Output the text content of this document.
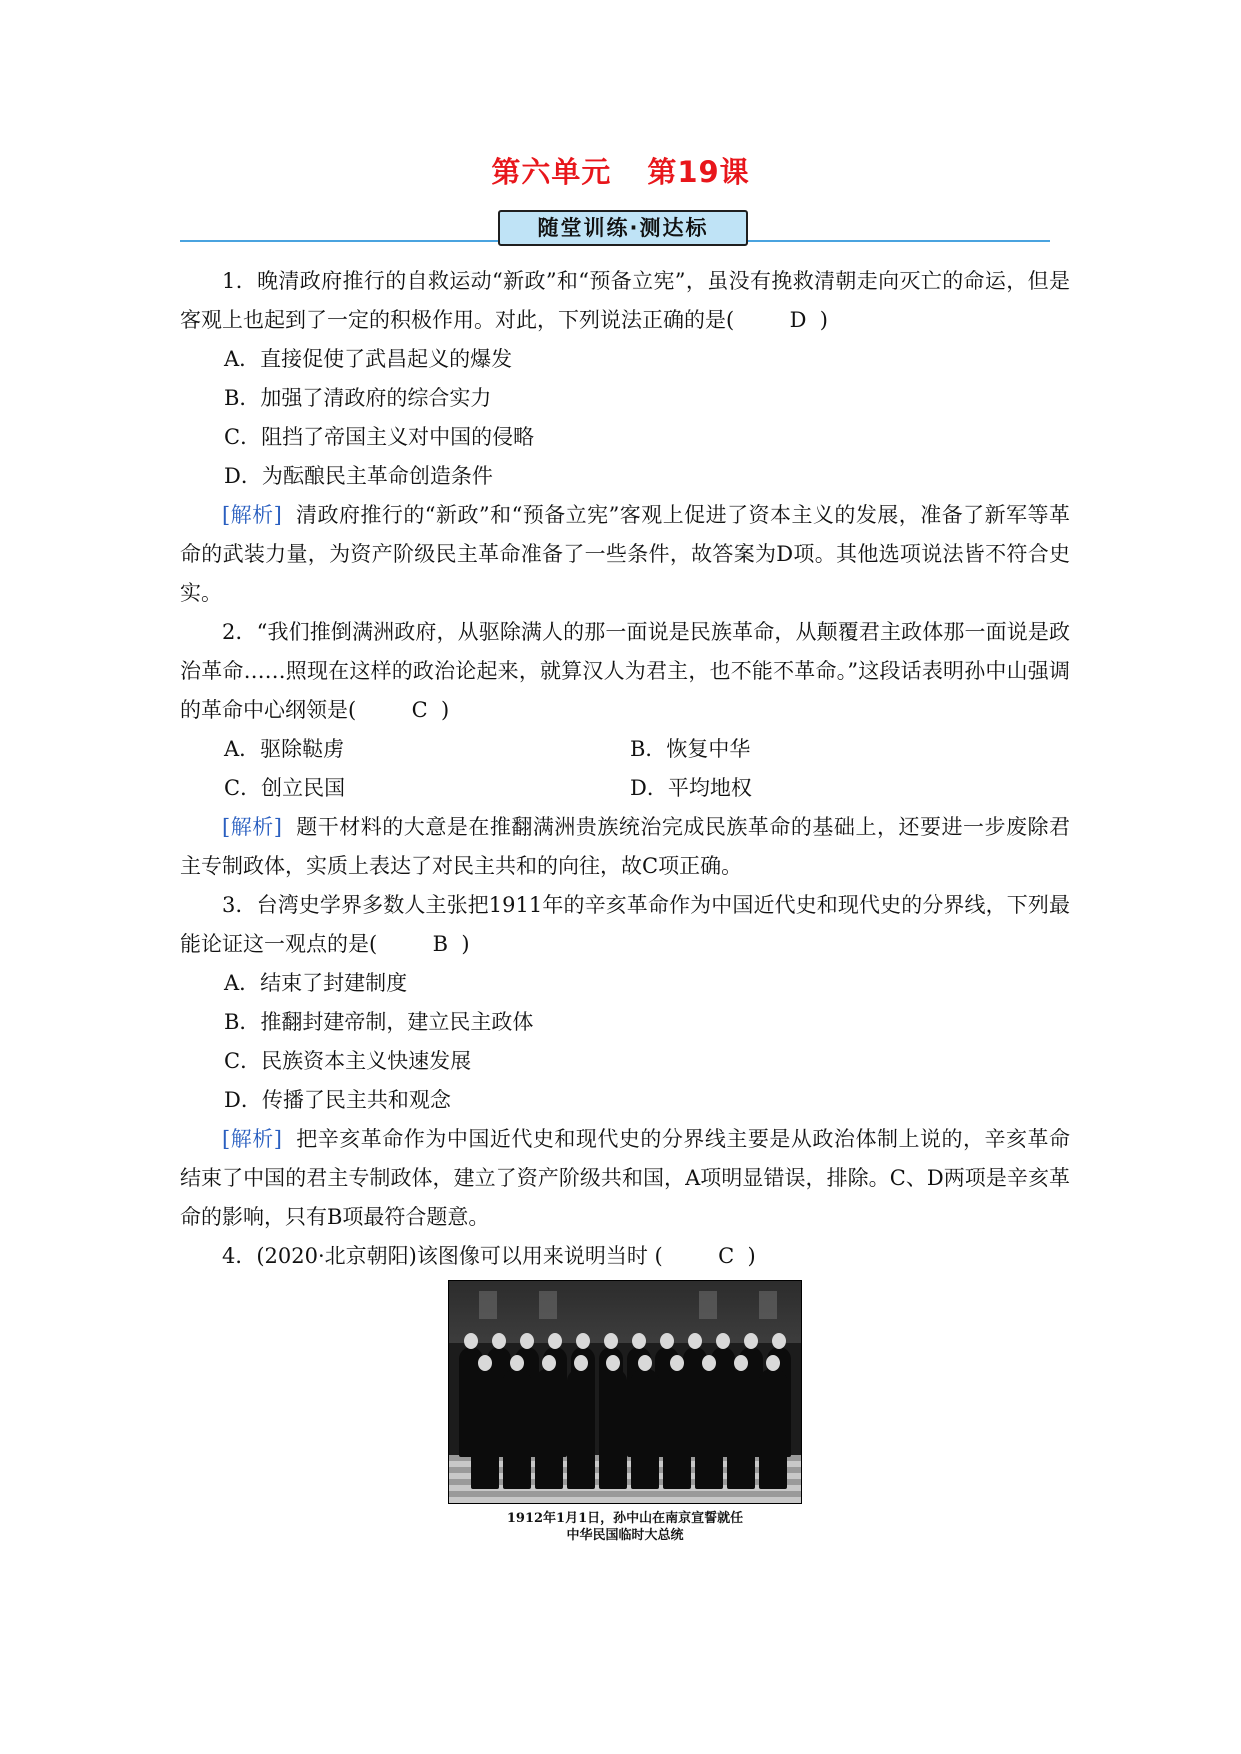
第六单元 第19课
随堂训练·测达标

1．晚清政府推行的自救运动“新政”和“预备立宪”，虽没有挽救清朝走向灭亡的命运，但是客观上也起到了一定的积极作用。对此，下列说法正确的是(	D )

A．直接促使了武昌起义的爆发

B．加强了清政府的综合实力

C．阻挡了帝国主义对中国的侵略

D．为酝酿民主革命创造条件

[解析] 清政府推行的“新政”和“预备立宪”客观上促进了资本主义的发展，准备了新军等革命的武装力量，为资产阶级民主革命准备了一些条件，故答案为D项。其他选项说法皆不符合史实。

2．“我们推倒满洲政府，从驱除满人的那一面说是民族革命，从颠覆君主政体那一面说是政治革命……照现在这样的政治论起来，就算汉人为君主，也不能不革命。”这段话表明孙中山强调的革命中心纲领是(	C )

A．驱除鞑虏	B．恢复中华
C．创立民国	D．平均地权

[解析] 题干材料的大意是在推翻满洲贵族统治完成民族革命的基础上，还要进一步废除君主专制政体，实质上表达了对民主共和的向往，故C项正确。

3．台湾史学界多数人主张把1911年的辛亥革命作为中国近代史和现代史的分界线，下列最能论证这一观点的是(	B )

A．结束了封建制度

B．推翻封建帝制，建立民主政体

C．民族资本主义快速发展

D．传播了民主共和观念

[解析] 把辛亥革命作为中国近代史和现代史的分界线主要是从政治体制上说的，辛亥革命结束了中国的君主专制政体，建立了资产阶级共和国，A项明显错误，排除。C、D两项是辛亥革命的影响，只有B项最符合题意。

4．(2020·北京朝阳)该图像可以用来说明当时 (	C )

1912年1月1日，孙中山在南京宣誓就任
中华民国临时大总统
